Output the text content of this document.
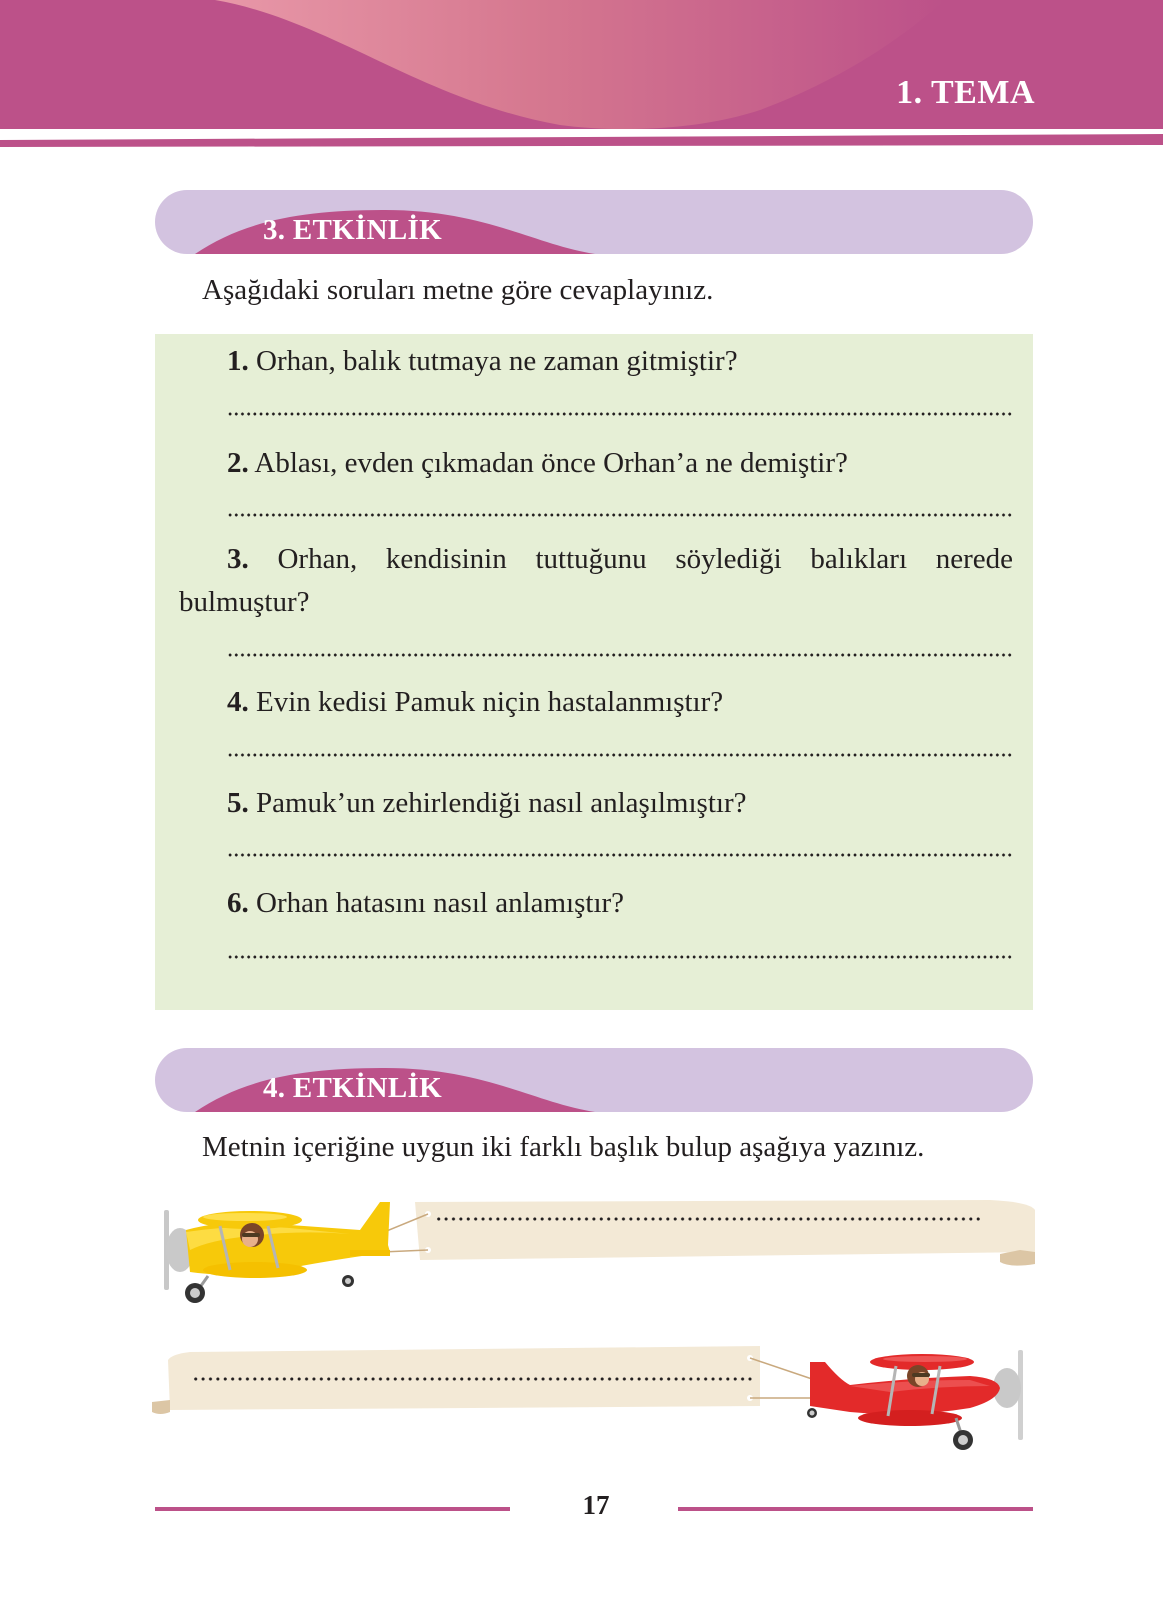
1. TEMA
3. ETKİNLİK
Aşağıdaki soruları metne göre cevaplayınız.
1. Orhan, balık tutmaya ne zaman gitmiştir?
2. Ablası, evden çıkmadan önce Orhan’a ne demiştir?
3. Orhan, kendisinin tuttuğunu söylediği balıkları nerede bulmuştur?
4. Evin kedisi Pamuk niçin hastalanmıştır?
5. Pamuk’un zehirlendiği nasıl anlaşılmıştır?
6. Orhan hatasını nasıl anlamıştır?
4. ETKİNLİK
Metnin içeriğine uygun iki farklı başlık bulup aşağıya yazınız.
17
